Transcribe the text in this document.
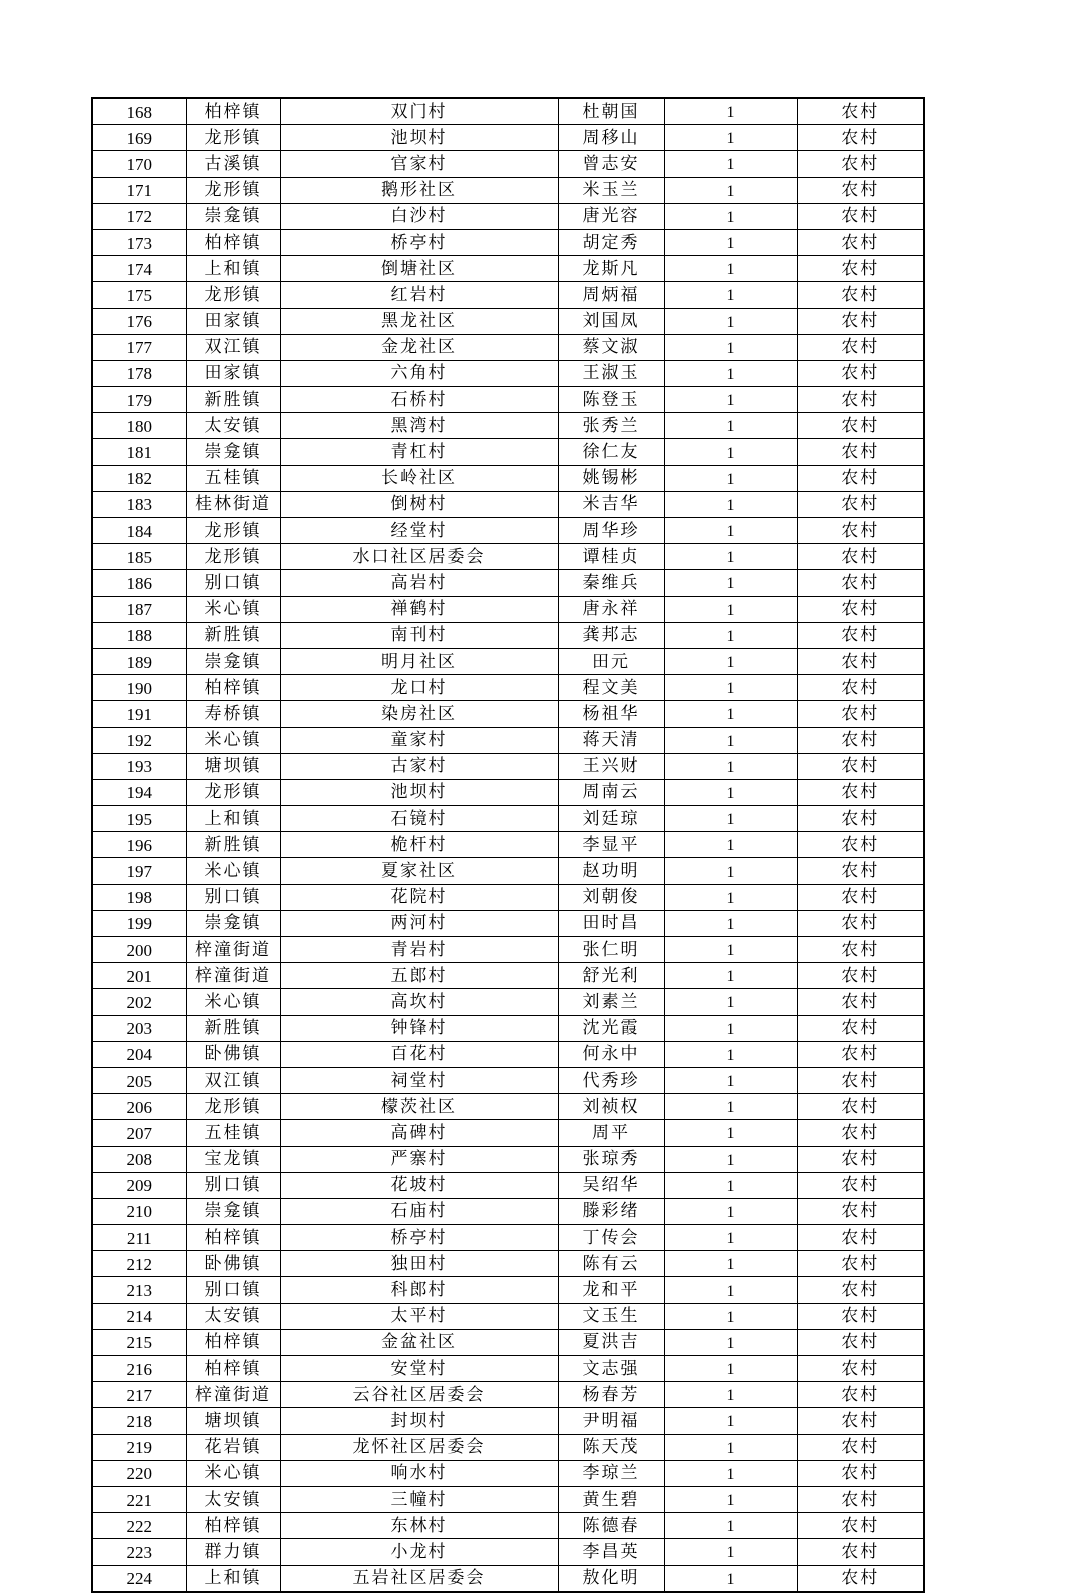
168	柏梓镇	双门村	杜朝国	1	农村
169	龙形镇	池坝村	周移山	1	农村
170	古溪镇	官家村	曾志安	1	农村
171	龙形镇	鹅形社区	米玉兰	1	农村
172	崇龛镇	白沙村	唐光容	1	农村
173	柏梓镇	桥亭村	胡定秀	1	农村
174	上和镇	倒塘社区	龙斯凡	1	农村
175	龙形镇	红岩村	周炳福	1	农村
176	田家镇	黑龙社区	刘国凤	1	农村
177	双江镇	金龙社区	蔡文淑	1	农村
178	田家镇	六角村	王淑玉	1	农村
179	新胜镇	石桥村	陈登玉	1	农村
180	太安镇	黑湾村	张秀兰	1	农村
181	崇龛镇	青杠村	徐仁友	1	农村
182	五桂镇	长岭社区	姚锡彬	1	农村
183	桂林街道	倒树村	米吉华	1	农村
184	龙形镇	经堂村	周华珍	1	农村
185	龙形镇	水口社区居委会	谭桂贞	1	农村
186	别口镇	高岩村	秦维兵	1	农村
187	米心镇	禅鹤村	唐永祥	1	农村
188	新胜镇	南刊村	龚邦志	1	农村
189	崇龛镇	明月社区	田元	1	农村
190	柏梓镇	龙口村	程文美	1	农村
191	寿桥镇	染房社区	杨祖华	1	农村
192	米心镇	童家村	蒋天清	1	农村
193	塘坝镇	古家村	王兴财	1	农村
194	龙形镇	池坝村	周南云	1	农村
195	上和镇	石镜村	刘廷琼	1	农村
196	新胜镇	桅杆村	李显平	1	农村
197	米心镇	夏家社区	赵功明	1	农村
198	别口镇	花院村	刘朝俊	1	农村
199	崇龛镇	两河村	田时昌	1	农村
200	梓潼街道	青岩村	张仁明	1	农村
201	梓潼街道	五郎村	舒光利	1	农村
202	米心镇	高坎村	刘素兰	1	农村
203	新胜镇	钟锋村	沈光霞	1	农村
204	卧佛镇	百花村	何永中	1	农村
205	双江镇	祠堂村	代秀珍	1	农村
206	龙形镇	檬茨社区	刘祯权	1	农村
207	五桂镇	高碑村	周平	1	农村
208	宝龙镇	严寨村	张琼秀	1	农村
209	别口镇	花坡村	吴绍华	1	农村
210	崇龛镇	石庙村	滕彩绪	1	农村
211	柏梓镇	桥亭村	丁传会	1	农村
212	卧佛镇	独田村	陈有云	1	农村
213	别口镇	科郎村	龙和平	1	农村
214	太安镇	太平村	文玉生	1	农村
215	柏梓镇	金盆社区	夏洪吉	1	农村
216	柏梓镇	安堂村	文志强	1	农村
217	梓潼街道	云谷社区居委会	杨春芳	1	农村
218	塘坝镇	封坝村	尹明福	1	农村
219	花岩镇	龙怀社区居委会	陈天茂	1	农村
220	米心镇	响水村	李琼兰	1	农村
221	太安镇	三幢村	黄生碧	1	农村
222	柏梓镇	东林村	陈德春	1	农村
223	群力镇	小龙村	李昌英	1	农村
224	上和镇	五岩社区居委会	敖化明	1	农村
